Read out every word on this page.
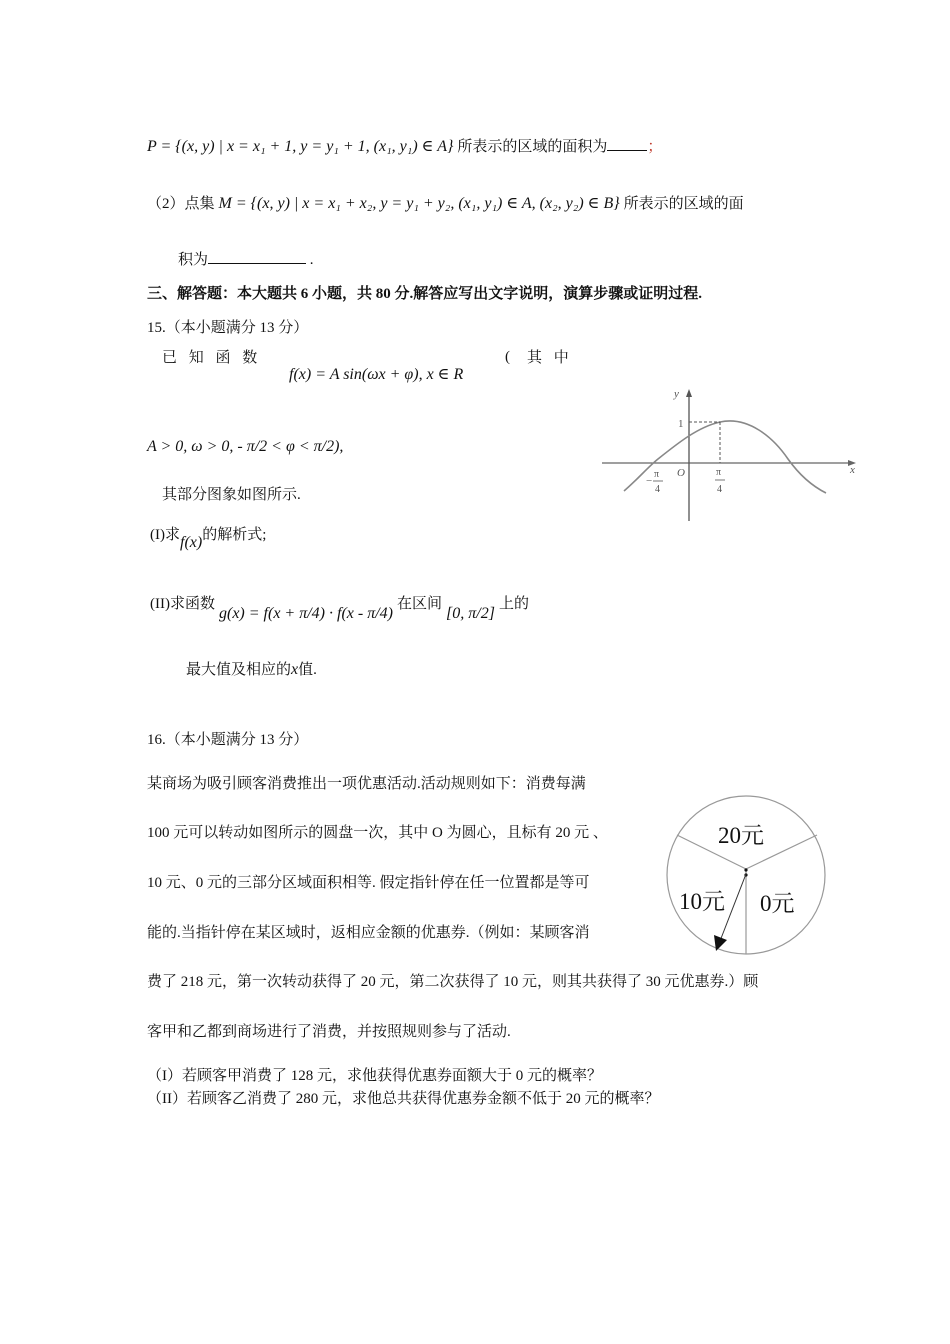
P = {(x, y) | x = x₁ + 1, y = y₁ + 1, (x₁, y₁) ∈ A} 所表示的区域的面积为	；
（2）点集 M = {(x, y) | x = x₁ + x₂, y = y₁ + y₂, (x₁, y₁) ∈ A, (x₂, y₂) ∈ B} 所表示的区域的面
积为	.
三、解答题：本大题共 6 小题，共 80 分.解答应写出文字说明，演算步骤或证明过程.
15.（本小题满分 13 分）
已 知 函 数
f(x) = A sin(ωx + φ), x ∈ R
( 其 中
A > 0, ω > 0, - π/2 < φ < π/2),
其部分图象如图所示.
y
x
O
1
−
π
4
π
4
(I)求f(x)的解析式;
(II)求函数 g(x) = f(x + π/4) · f(x - π/4) 在区间 [0, π/2] 上的
最大值及相应的x值.
16.（本小题满分 13 分）
某商场为吸引顾客消费推出一项优惠活动.活动规则如下：消费每满
100 元可以转动如图所示的圆盘一次，其中 O 为圆心，且标有 20 元 、
10 元、0 元的三部分区域面积相等. 假定指针停在任一位置都是等可
能的.当指针停在某区域时，返相应金额的优惠券.（例如：某顾客消
费了 218 元，第一次转动获得了 20 元，第二次获得了 10 元，则其共获得了 30 元优惠券.）顾
客甲和乙都到商场进行了消费，并按照规则参与了活动.
（I）若顾客甲消费了 128 元，求他获得优惠券面额大于 0 元的概率？
（II）若顾客乙消费了 280 元，求他总共获得优惠券金额不低于 20 元的概率？
20元
10元 0元
